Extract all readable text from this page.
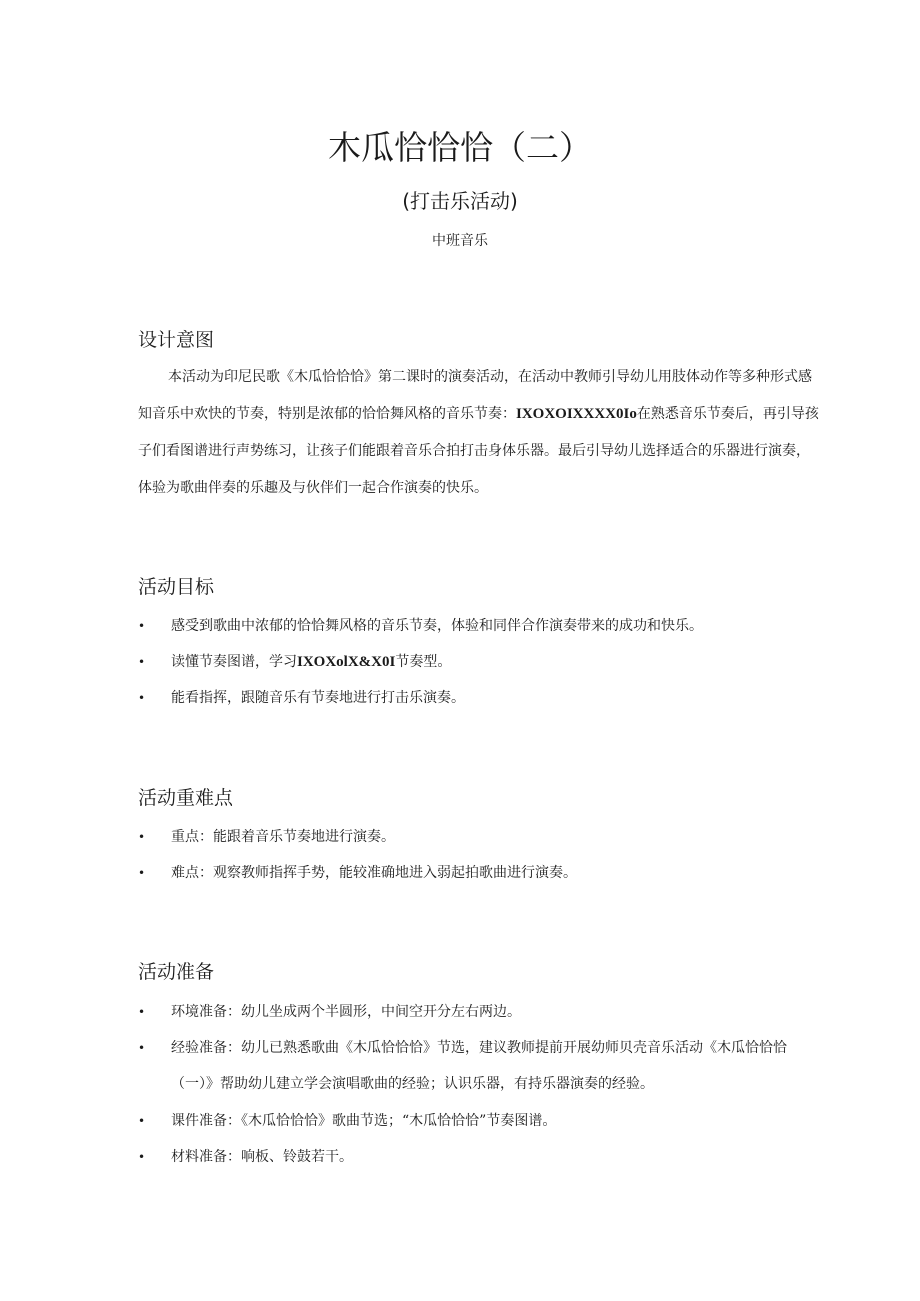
木瓜恰恰恰（二）
(打击乐活动)
中班音乐
设计意图
本活动为印尼民歌《木瓜恰恰恰》第二课时的演奏活动，在活动中教师引导幼儿用肢体动作等多种形式感知音乐中欢快的节奏，特别是浓郁的恰恰舞风格的音乐节奏：IXOXOIXXXX0Io在熟悉音乐节奏后，再引导孩子们看图谱进行声势练习，让孩子们能跟着音乐合拍打击身体乐器。最后引导幼儿选择适合的乐器进行演奏，体验为歌曲伴奏的乐趣及与伙伴们一起合作演奏的快乐。
活动目标
•	感受到歌曲中浓郁的恰恰舞风格的音乐节奏，体验和同伴合作演奏带来的成功和快乐。
•	读懂节奏图谱，学习IXOXolX&X0I节奏型。
•	能看指挥，跟随音乐有节奏地进行打击乐演奏。
活动重难点
•	重点：能跟着音乐节奏地进行演奏。
•	难点：观察教师指挥手势，能较准确地进入弱起拍歌曲进行演奏。
活动准备
•	环境准备：幼儿坐成两个半圆形，中间空开分左右两边。
•	经验准备：幼儿已熟悉歌曲《木瓜恰恰恰》节选，建议教师提前开展幼师贝壳音乐活动《木瓜恰恰恰（一）》帮助幼儿建立学会演唱歌曲的经验；认识乐器，有持乐器演奏的经验。
•	课件准备：《木瓜恰恰恰》歌曲节选；“木瓜恰恰恰”节奏图谱。
•	材料准备：响板、铃鼓若干。
